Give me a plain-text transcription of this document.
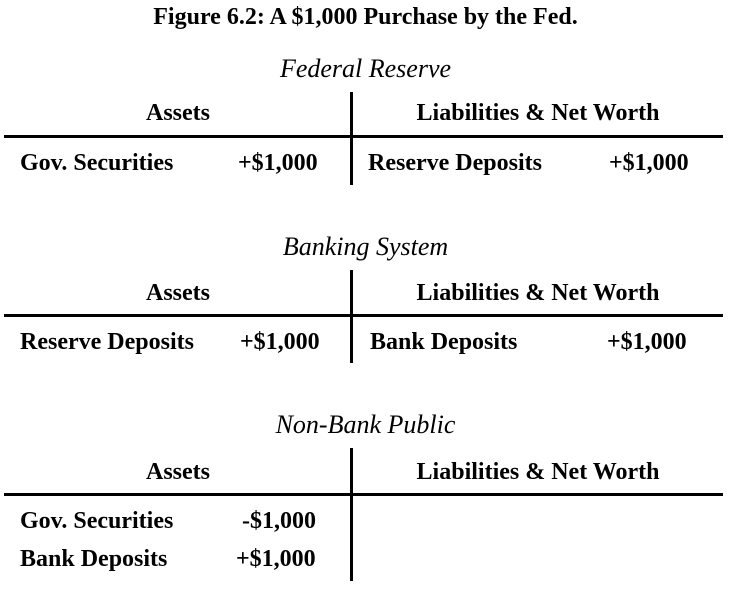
Figure 6.2: A $1,000 Purchase by the Fed.
Federal Reserve
Assets	Liabilities & Net Worth
Gov. Securities	+$1,000 Reserve Deposits	+$1,000
Banking System
Assets	Liabilities & Net Worth
Reserve Deposits +$1,000 Bank Deposits	+$1,000
Non-Bank Public
Assets	Liabilities & Net Worth
Gov. Securities	-$1,000
Bank Deposits	+$1,000
